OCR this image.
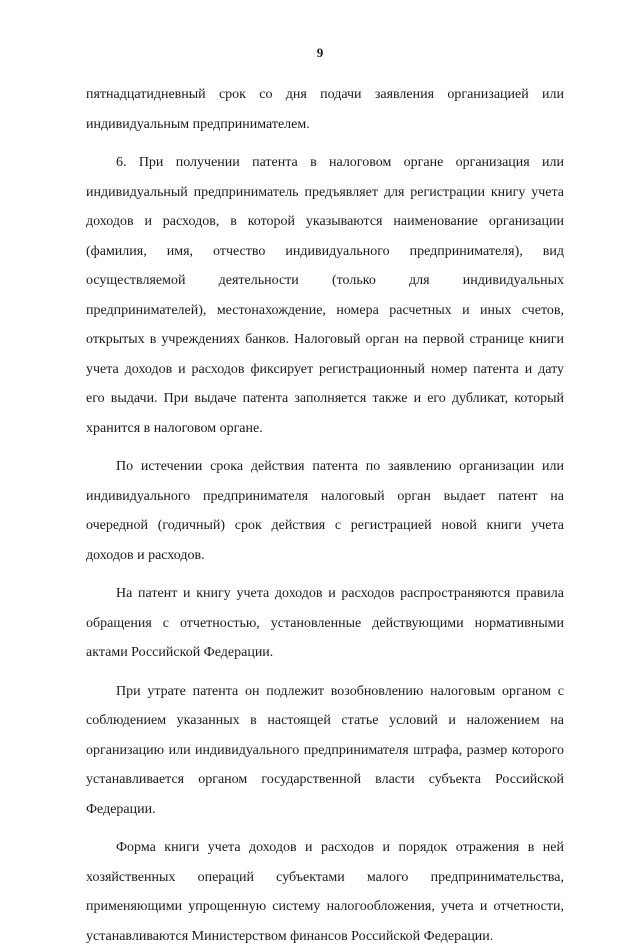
9

пятнадцатидневный срок со дня подачи заявления организацией или индивидуальным предпринимателем.

6. При получении патента в налоговом органе организация или индивидуальный предприниматель предъявляет для регистрации книгу учета доходов и расходов, в которой указываются наименование организации (фамилия, имя, отчество индивидуального предпринимателя), вид осуществляемой деятельности (только для индивидуальных предпринимателей), местонахождение, номера расчетных и иных счетов, открытых в учреждениях банков. Налоговый орган на первой странице книги учета доходов и расходов фиксирует регистрационный номер патента и дату его выдачи. При выдаче патента заполняется также и его дубликат, который хранится в налоговом органе.

По истечении срока действия патента по заявлению организации или индивидуального предпринимателя налоговый орган выдает патент на очередной (годичный) срок действия с регистрацией новой книги учета доходов и расходов.

На патент и книгу учета доходов и расходов распространяются правила обращения с отчетностью, установленные действующими нормативными актами Российской Федерации.

При утрате патента он подлежит возобновлению налоговым органом с соблюдением указанных в настоящей статье условий и наложением на организацию или индивидуального предпринимателя штрафа, размер которого устанавливается органом государственной власти субъекта Российской Федерации.

Форма книги учета доходов и расходов и порядок отражения в ней хозяйственных операций субъектами малого предпринимательства, применяющими упрощенную систему налогообложения, учета и отчетности, устанавливаются Министерством финансов Российской Федерации.
